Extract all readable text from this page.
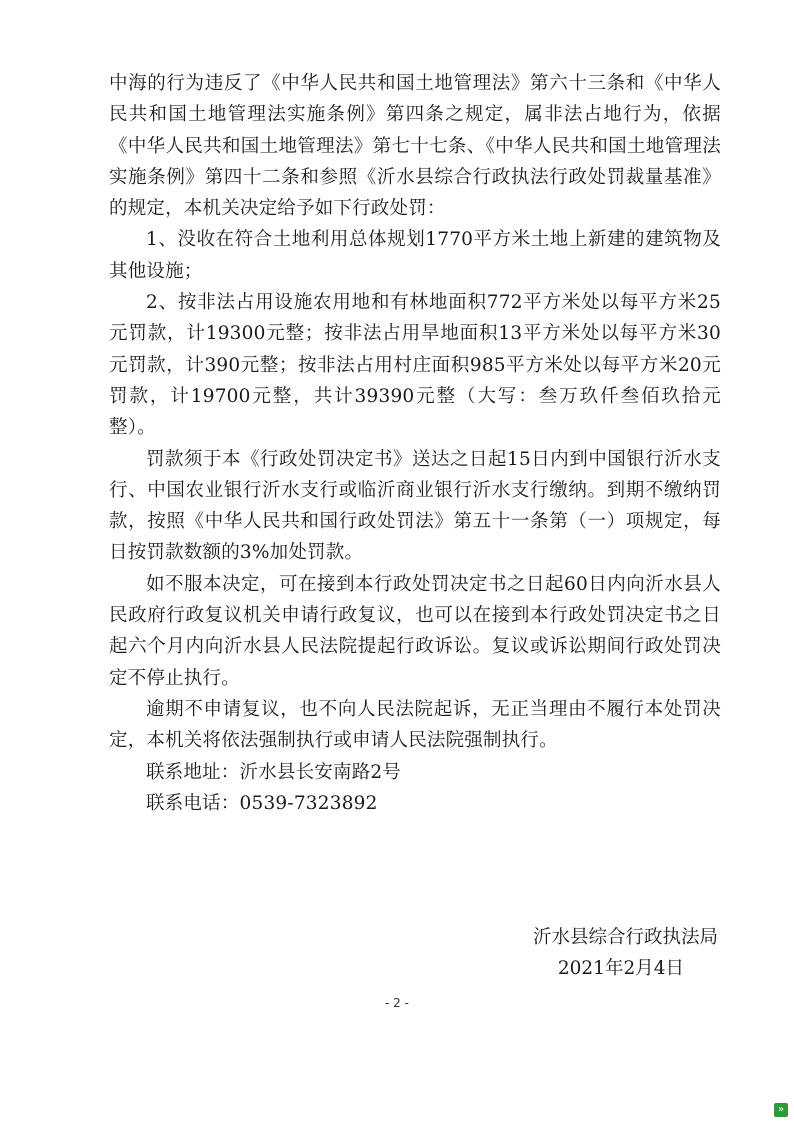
中海的行为违反了《中华人民共和国土地管理法》第六十三条和《中华人民共和国土地管理法实施条例》第四条之规定，属非法占地行为，依据《中华人民共和国土地管理法》第七十七条、《中华人民共和国土地管理法实施条例》第四十二条和参照《沂水县综合行政执法行政处罚裁量基准》的规定，本机关决定给予如下行政处罚：

1、没收在符合土地利用总体规划1770平方米土地上新建的建筑物及其他设施；

2、按非法占用设施农用地和有林地面积772平方米处以每平方米25元罚款，计19300元整；按非法占用旱地面积13平方米处以每平方米30元罚款，计390元整；按非法占用村庄面积985平方米处以每平方米20元罚款，计19700元整，共计39390元整（大写：叁万玖仟叁佰玖拾元整）。

罚款须于本《行政处罚决定书》送达之日起15日内到中国银行沂水支行、中国农业银行沂水支行或临沂商业银行沂水支行缴纳。到期不缴纳罚款，按照《中华人民共和国行政处罚法》第五十一条第（一）项规定，每日按罚款数额的3%加处罚款。

如不服本决定，可在接到本行政处罚决定书之日起60日内向沂水县人民政府行政复议机关申请行政复议，也可以在接到本行政处罚决定书之日起六个月内向沂水县人民法院提起行政诉讼。复议或诉讼期间行政处罚决定不停止执行。

逾期不申请复议，也不向人民法院起诉，无正当理由不履行本处罚决定，本机关将依法强制执行或申请人民法院强制执行。

联系地址：沂水县长安南路2号

联系电话：0539-7323892

沂水县综合行政执法局
2021年2月4日
- 2 -
»
